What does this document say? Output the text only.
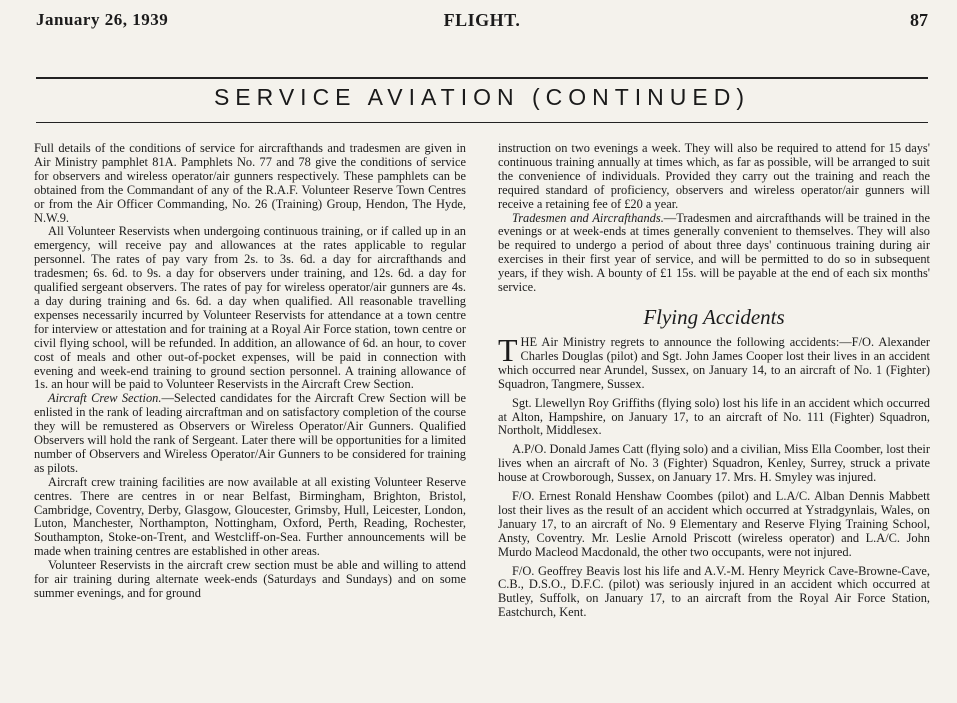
January 26, 1939	FLIGHT.	87
SERVICE AVIATION (CONTINUED)

Full details of the conditions of service for aircrafthands and tradesmen are given in Air Ministry pamphlet 81A. Pamphlets No. 77 and 78 give the conditions of service for observers and wireless operator/air gunners respectively. These pamphlets can be obtained from the Commandant of any of the R.A.F. Volunteer Reserve Town Centres or from the Air Officer Commanding, No. 26 (Training) Group, Hendon, The Hyde, N.W.9.

All Volunteer Reservists when undergoing continuous training, or if called up in an emergency, will receive pay and allowances at the rates applicable to regular personnel. The rates of pay vary from 2s. to 3s. 6d. a day for aircrafthands and tradesmen; 6s. 6d. to 9s. a day for observers under training, and 12s. 6d. a day for qualified sergeant observers. The rates of pay for wireless operator/air gunners are 4s. a day during training and 6s. 6d. a day when qualified. All reasonable travelling expenses necessarily incurred by Volunteer Reservists for attendance at a town centre for interview or attestation and for training at a Royal Air Force station, town centre or civil flying school, will be refunded. In addition, an allowance of 6d. an hour, to cover cost of meals and other out-of-pocket expenses, will be paid in connection with evening and week-end training to ground section personnel. A training allowance of 1s. an hour will be paid to Volunteer Reservists in the Aircraft Crew Section.

Aircraft Crew Section.—Selected candidates for the Aircraft Crew Section will be enlisted in the rank of leading aircraftman and on satisfactory completion of the course they will be remustered as Observers or Wireless Operator/Air Gunners. Qualified Observers will hold the rank of Sergeant. Later there will be opportunities for a limited number of Observers and Wireless Operator/Air Gunners to be considered for training as pilots.

Aircraft crew training facilities are now available at all existing Volunteer Reserve centres. There are centres in or near Belfast, Birmingham, Brighton, Bristol, Cambridge, Coventry, Derby, Glasgow, Gloucester, Grimsby, Hull, Leicester, London, Luton, Manchester, Northampton, Nottingham, Oxford, Perth, Reading, Rochester, Southampton, Stoke-on-Trent, and Westcliff-on-Sea. Further announcements will be made when training centres are established in other areas.

Volunteer Reservists in the aircraft crew section must be able and willing to attend for air training during alternate week-ends (Saturdays and Sundays) and on some summer evenings, and for ground

instruction on two evenings a week. They will also be required to attend for 15 days' continuous training annually at times which, as far as possible, will be arranged to suit the convenience of individuals. Provided they carry out the training and reach the required standard of proficiency, observers and wireless operator/air gunners will receive a retaining fee of £20 a year.

Tradesmen and Aircrafthands.—Tradesmen and aircrafthands will be trained in the evenings or at week-ends at times generally convenient to themselves. They will also be required to undergo a period of about three days' continuous training during air exercises in their first year of service, and will be permitted to do so in subsequent years, if they wish. A bounty of £1 15s. will be payable at the end of each six months' service.

Flying Accidents

THE Air Ministry regrets to announce the following accidents:—F/O. Alexander Charles Douglas (pilot) and Sgt. John James Cooper lost their lives in an accident which occurred near Arundel, Sussex, on January 14, to an aircraft of No. 1 (Fighter) Squadron, Tangmere, Sussex.

Sgt. Llewellyn Roy Griffiths (flying solo) lost his life in an accident which occurred at Alton, Hampshire, on January 17, to an aircraft of No. 111 (Fighter) Squadron, Northolt, Middlesex.

A.P/O. Donald James Catt (flying solo) and a civilian, Miss Ella Coomber, lost their lives when an aircraft of No. 3 (Fighter) Squadron, Kenley, Surrey, struck a private house at Crowborough, Sussex, on January 17. Mrs. H. Smyley was injured.

F/O. Ernest Ronald Henshaw Coombes (pilot) and L.A/C. Alban Dennis Mabbett lost their lives as the result of an accident which occurred at Ystradgynlais, Wales, on January 17, to an aircraft of No. 9 Elementary and Reserve Flying Training School, Ansty, Coventry. Mr. Leslie Arnold Priscott (wireless operator) and L.A/C. John Murdo Macleod Macdonald, the other two occupants, were not injured.

F/O. Geoffrey Beavis lost his life and A.V.-M. Henry Meyrick Cave-Browne-Cave, C.B., D.S.O., D.F.C. (pilot) was seriously injured in an accident which occurred at Butley, Suffolk, on January 17, to an aircraft from the Royal Air Force Station, Eastchurch, Kent.
